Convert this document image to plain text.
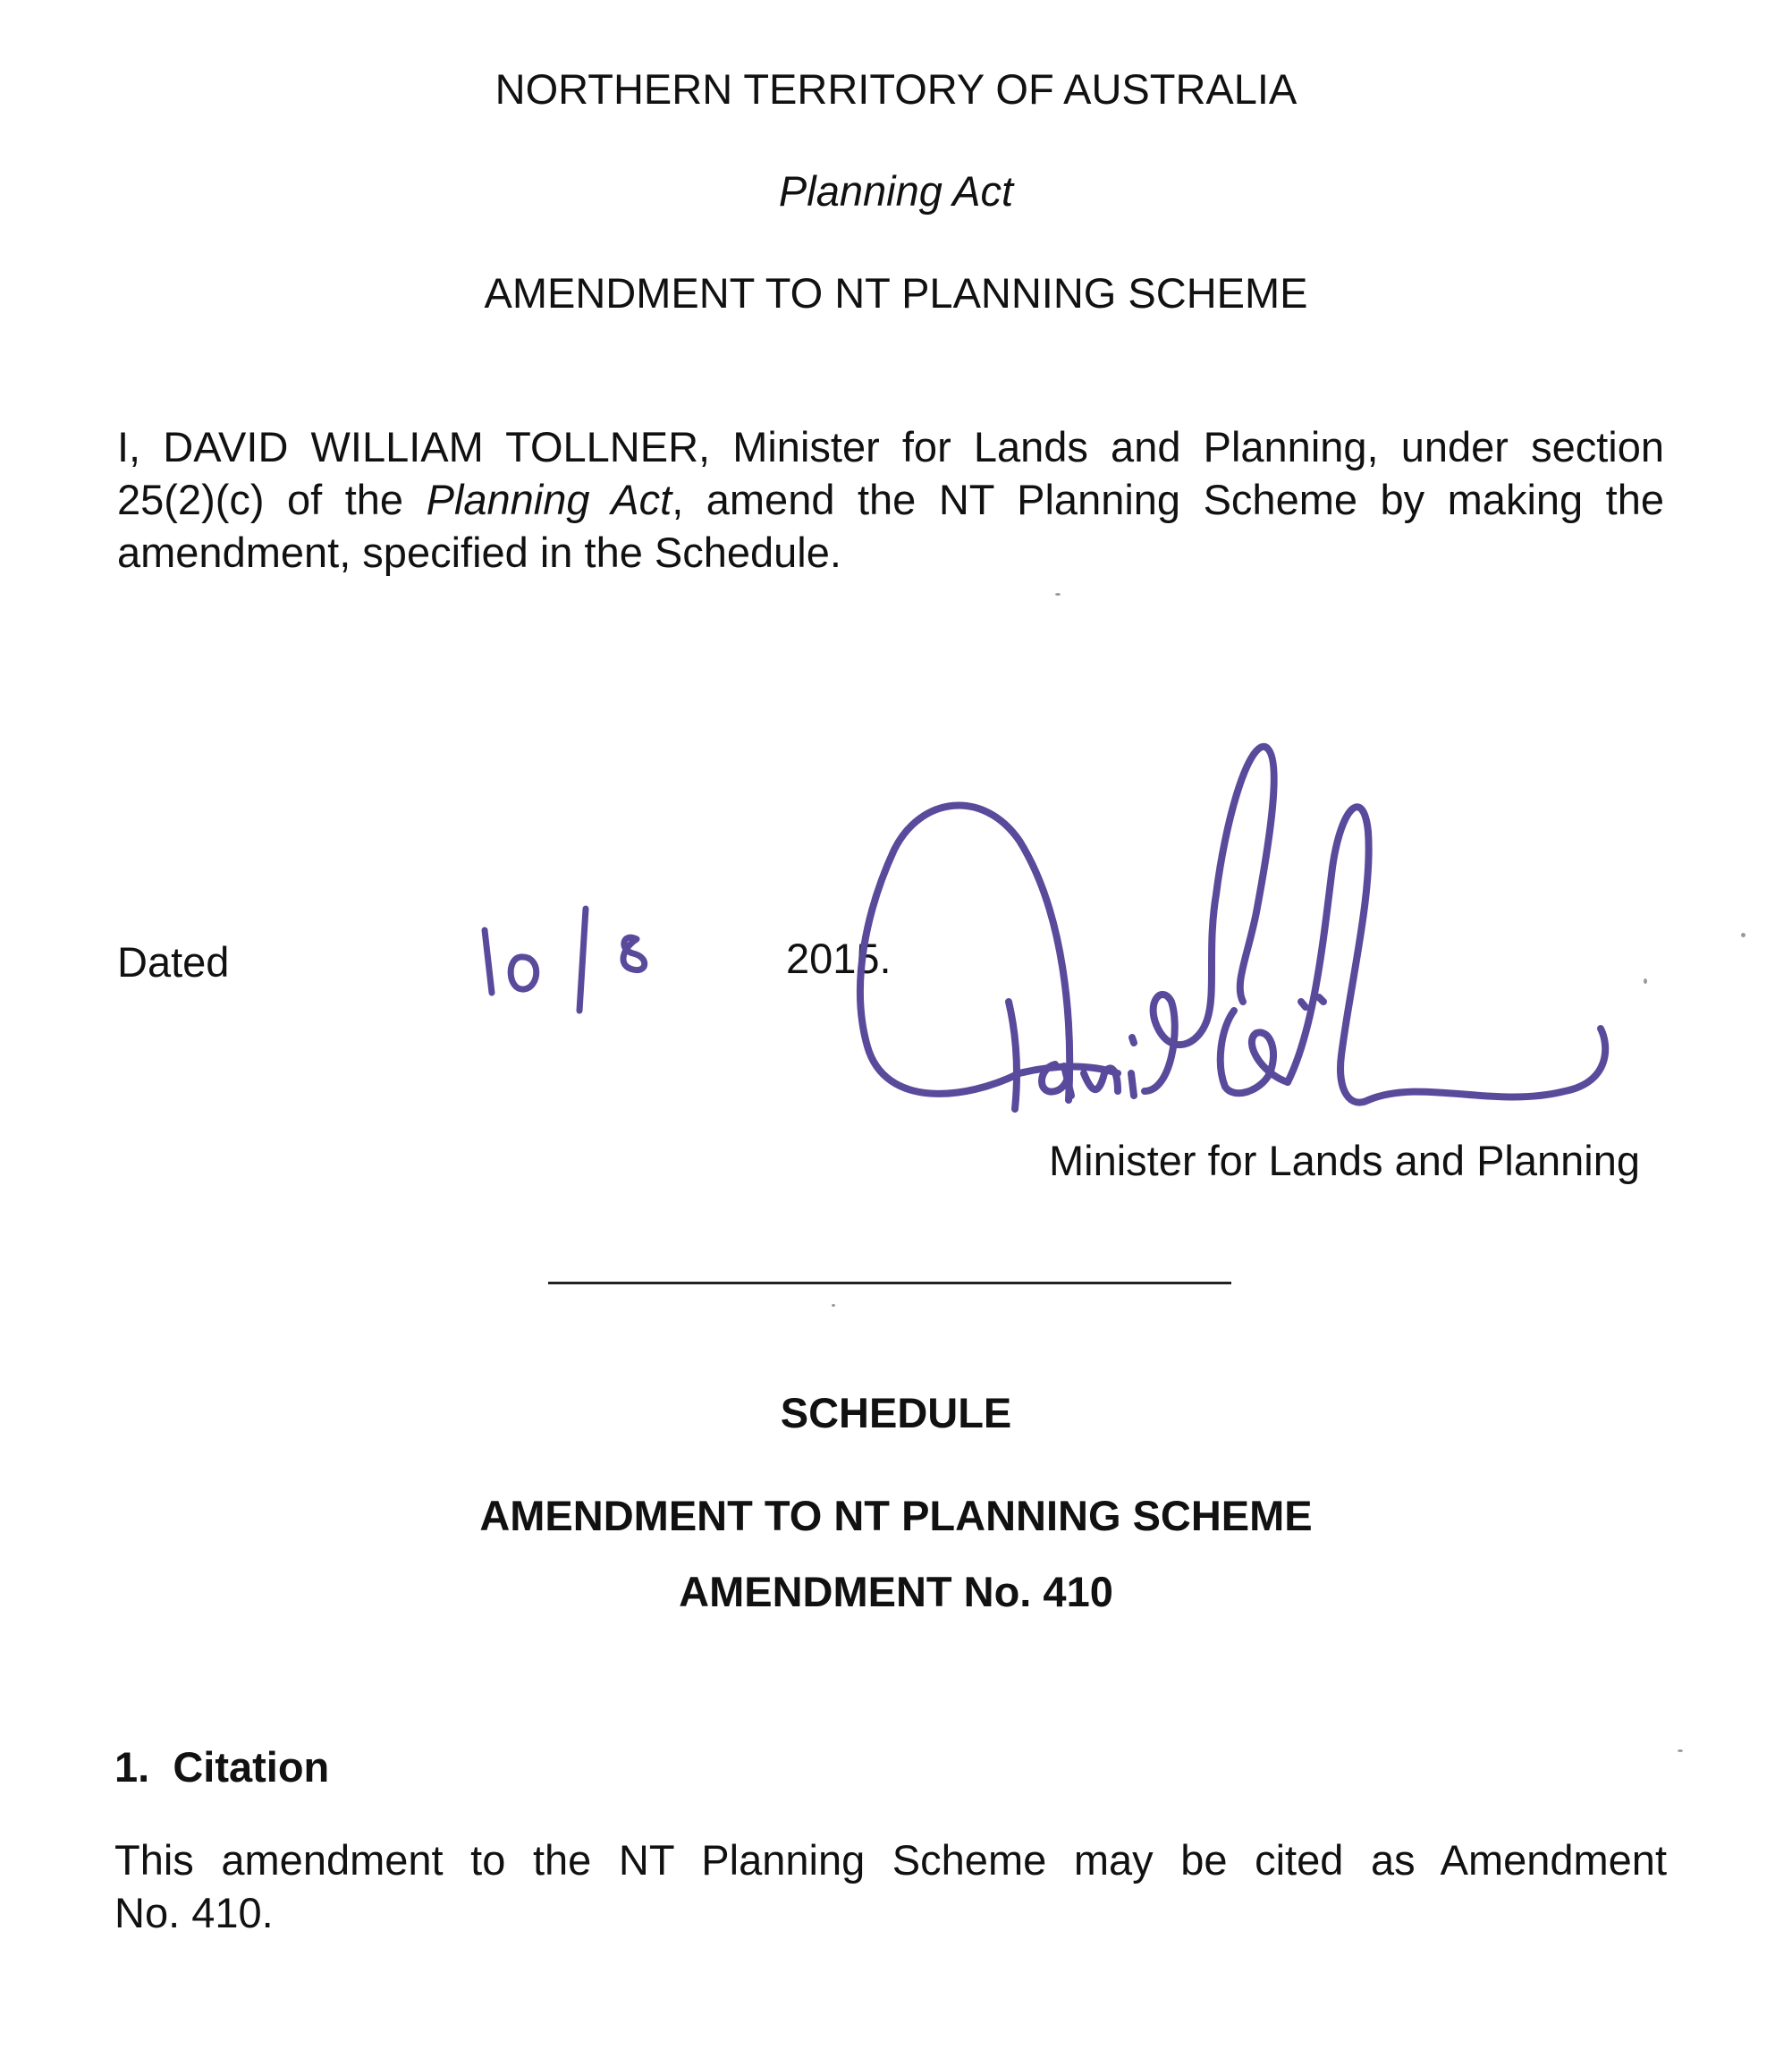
NORTHERN TERRITORY OF AUSTRALIA
Planning Act
AMENDMENT TO NT PLANNING SCHEME
I, DAVID WILLIAM TOLLNER, Minister for Lands and Planning, under section
25(2)(c) of the Planning Act, amend the NT Planning Scheme by making the
amendment, specified in the Schedule.
Dated	2015.
Minister for Lands and Planning
SCHEDULE
AMENDMENT TO NT PLANNING SCHEME
AMENDMENT No. 410
1.  Citation
This amendment to the NT Planning Scheme may be cited as Amendment
No. 410.
